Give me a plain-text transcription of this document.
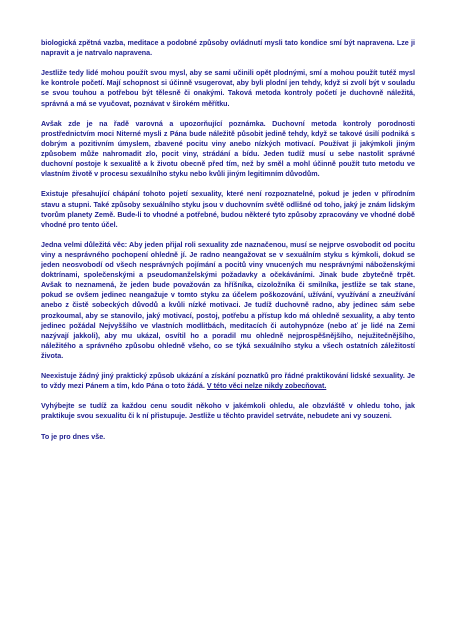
biologická zpětná vazba, meditace a podobné způsoby ovládnutí mysli tato kondice smí být napravena. Lze ji napravit a je natrvalo napravena.

Jestliže tedy lidé mohou použít svou mysl, aby se sami učinili opět plodnými, smí a mohou použít tutéž mysl ke kontrole početí. Mají schopnost si účinně vsugerovat, aby byli plodní jen tehdy, když si zvolí být v souladu se svou touhou a potřebou být tělesně či onakými. Taková metoda kontroly početí je duchovně náležitá, správná a má se vyučovat, poznávat v širokém měřítku.

Avšak zde je na řadě varovná a upozorňující poznámka. Duchovní metoda kontroly porodnosti prostřednictvím moci Niterné mysli z Pána bude náležitě působit jedině tehdy, když se takové úsilí podniká s dobrým a pozitivním úmyslem, zbavené pocitu viny anebo nízkých motivací. Používat ji jakýmkoli jiným způsobem může nahromadit zlo, pocit viny, strádání a bídu. Jeden tudíž musí u sebe nastolit správné duchovní postoje k sexualitě a k životu obecně před tím, než by směl a mohl účinně použít tuto metodu ve vlastním životě v procesu sexuálního styku nebo kvůli jiným legitimním důvodům.

Existuje přesahující chápání tohoto pojetí sexuality, které není rozpoznatelné, pokud je jeden v přírodním stavu a stupni. Také způsoby sexuálního styku jsou v duchovním světě odlišné od toho, jaký je znám lidským tvorům planety Země. Bude-li to vhodné a potřebné, budou některé tyto způsoby zpracovány ve vhodné době vhodné pro tento účel.

Jedna velmi důležitá věc: Aby jeden přijal roli sexuality zde naznačenou, musí se nejprve osvobodit od pocitu viny a nesprávného pochopení ohledně jí. Je radno neangažovat se v sexuálním styku s kýmkoli, dokud se jeden neosvobodí od všech nesprávných pojímání a pocitů viny vnucených mu nesprávnými náboženskými doktrínami, společenskými a pseudomanželskými požadavky a očekáváními. Jinak bude zbytečně trpět. Avšak to neznamená, že jeden bude považován za hříšníka, cizoložníka či smilníka, jestliže se tak stane, pokud se ovšem jedinec neangažuje v tomto styku za účelem poškozování, užívání, využívání a zneužívání anebo z čistě sobeckých důvodů a kvůli nízké motivaci. Je tudíž duchovně radno, aby jedinec sám sebe prozkoumal, aby se stanovilo, jaký motivací, postoj, potřebu a přístup kdo má ohledně sexuality, a aby tento jedinec požádal Nejvyššího ve vlastních modlitbách, meditacích či autohypnóze (nebo ať je lidé na Zemi nazývají jakkoli), aby mu ukázal, osvítil ho a poradil mu ohledně nejprospěšnějšího, nejužitečnějšího, náležitého a správného způsobu ohledně všeho, co se týká sexuálního styku a všech ostatních záležitostí života.

Neexistuje žádný jiný praktický způsob ukázání a získání poznatků pro řádné praktikování lidské sexuality. Je to vždy mezi Pánem a tím, kdo Pána o toto žádá. V této věci nelze nikdy zobecňovat.

Vyhýbejte se tudíž za každou cenu soudit někoho v jakémkoli ohledu, ale obzvláště v ohledu toho, jak praktikuje svou sexualitu či k ní přistupuje. Jestliže u těchto pravidel setrváte, nebudete ani vy souzeni.

To je pro dnes vše.
